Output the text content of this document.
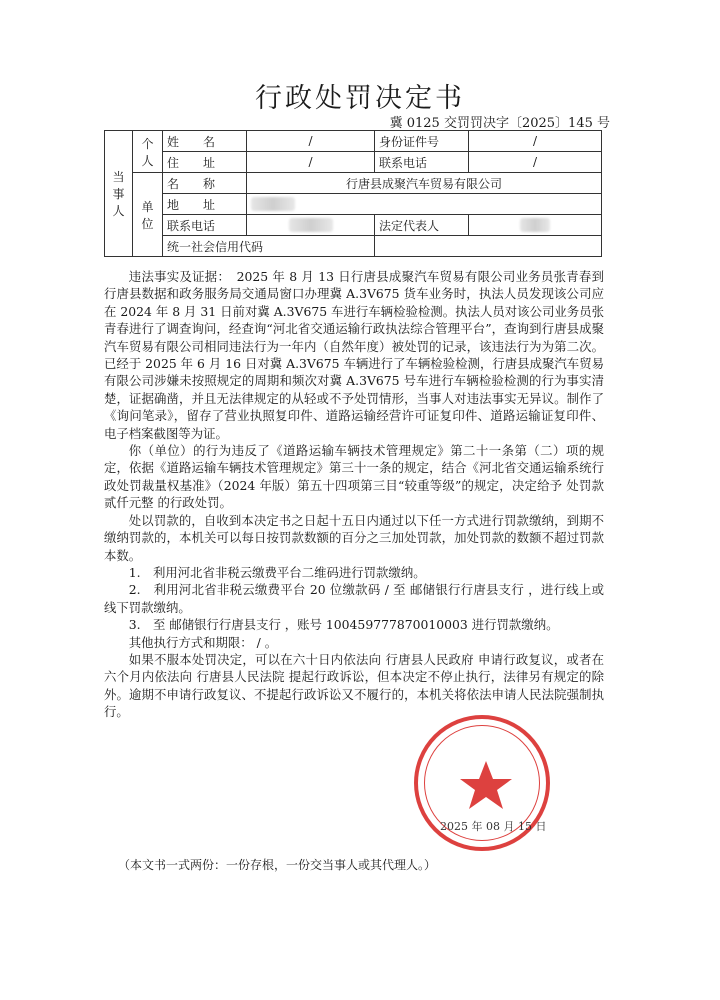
行政处罚决定书
冀 0125 交罚罚决字〔2025〕145 号
当事人	个人	姓　　名	/	身份证件号	/
		住　　址	/	联系电话	/
	单位	名　　称	行唐县成聚汽车贸易有限公司		
		地　　址			
		联系电话		法定代表人	
		统一社会信用代码			

违法事实及证据：　2025 年 8 月 13 日行唐县成聚汽车贸易有限公司业务员张青春到行唐县数据和政务服务局交通局窗口办理冀 A.3V675 货车业务时，执法人员发现该公司应在 2024 年 8 月 31 日前对冀 A.3V675 车进行车辆检验检测。执法人员对该公司业务员张青春进行了调查询问，经查询“河北省交通运输行政执法综合管理平台”，查询到行唐县成聚汽车贸易有限公司相同违法行为一年内（自然年度）被处罚的记录，该违法行为为第二次。已经于 2025 年 6 月 16 日对冀 A.3V675 车辆进行了车辆检验检测，行唐县成聚汽车贸易有限公司涉嫌未按照规定的周期和频次对冀 A.3V675 号车进行车辆检验检测的行为事实清楚，证据确凿，并且无法律规定的从轻或不予处罚情形，当事人对违法事实无异议。制作了《询问笔录》，留存了营业执照复印件、道路运输经营许可证复印件、道路运输证复印件、电子档案截图等为证。

你（单位）的行为违反了《道路运输车辆技术管理规定》第二十一条第（二）项的规定，依据《道路运输车辆技术管理规定》第三十一条的规定，结合《河北省交通运输系统行政处罚裁量权基准》（2024 年版）第五十四项第三目“较重等级”的规定，决定给予 处罚款贰仟元整 的行政处罚。

处以罚款的，自收到本决定书之日起十五日内通过以下任一方式进行罚款缴纳，到期不缴纳罚款的，本机关可以每日按罚款数额的百分之三加处罚款，加处罚款的数额不超过罚款本数。

1.　利用河北省非税云缴费平台二维码进行罚款缴纳。

2.　利用河北省非税云缴费平台 20 位缴款码 / 至 邮储银行行唐县支行 ，进行线上或线下罚款缴纳。

3.　至 邮储银行行唐县支行 ，账号 100459777870010003 进行罚款缴纳。

其他执行方式和期限： / 。

如果不服本处罚决定，可以在六十日内依法向 行唐县人民政府 申请行政复议，或者在六个月内依法向 行唐县人民法院 提起行政诉讼，但本决定不停止执行，法律另有规定的除外。逾期不申请行政复议、不提起行政诉讼又不履行的，本机关将依法申请人民法院强制执行。

2025 年 08 月 15 日
（本文书一式两份：一份存根，一份交当事人或其代理人。）
